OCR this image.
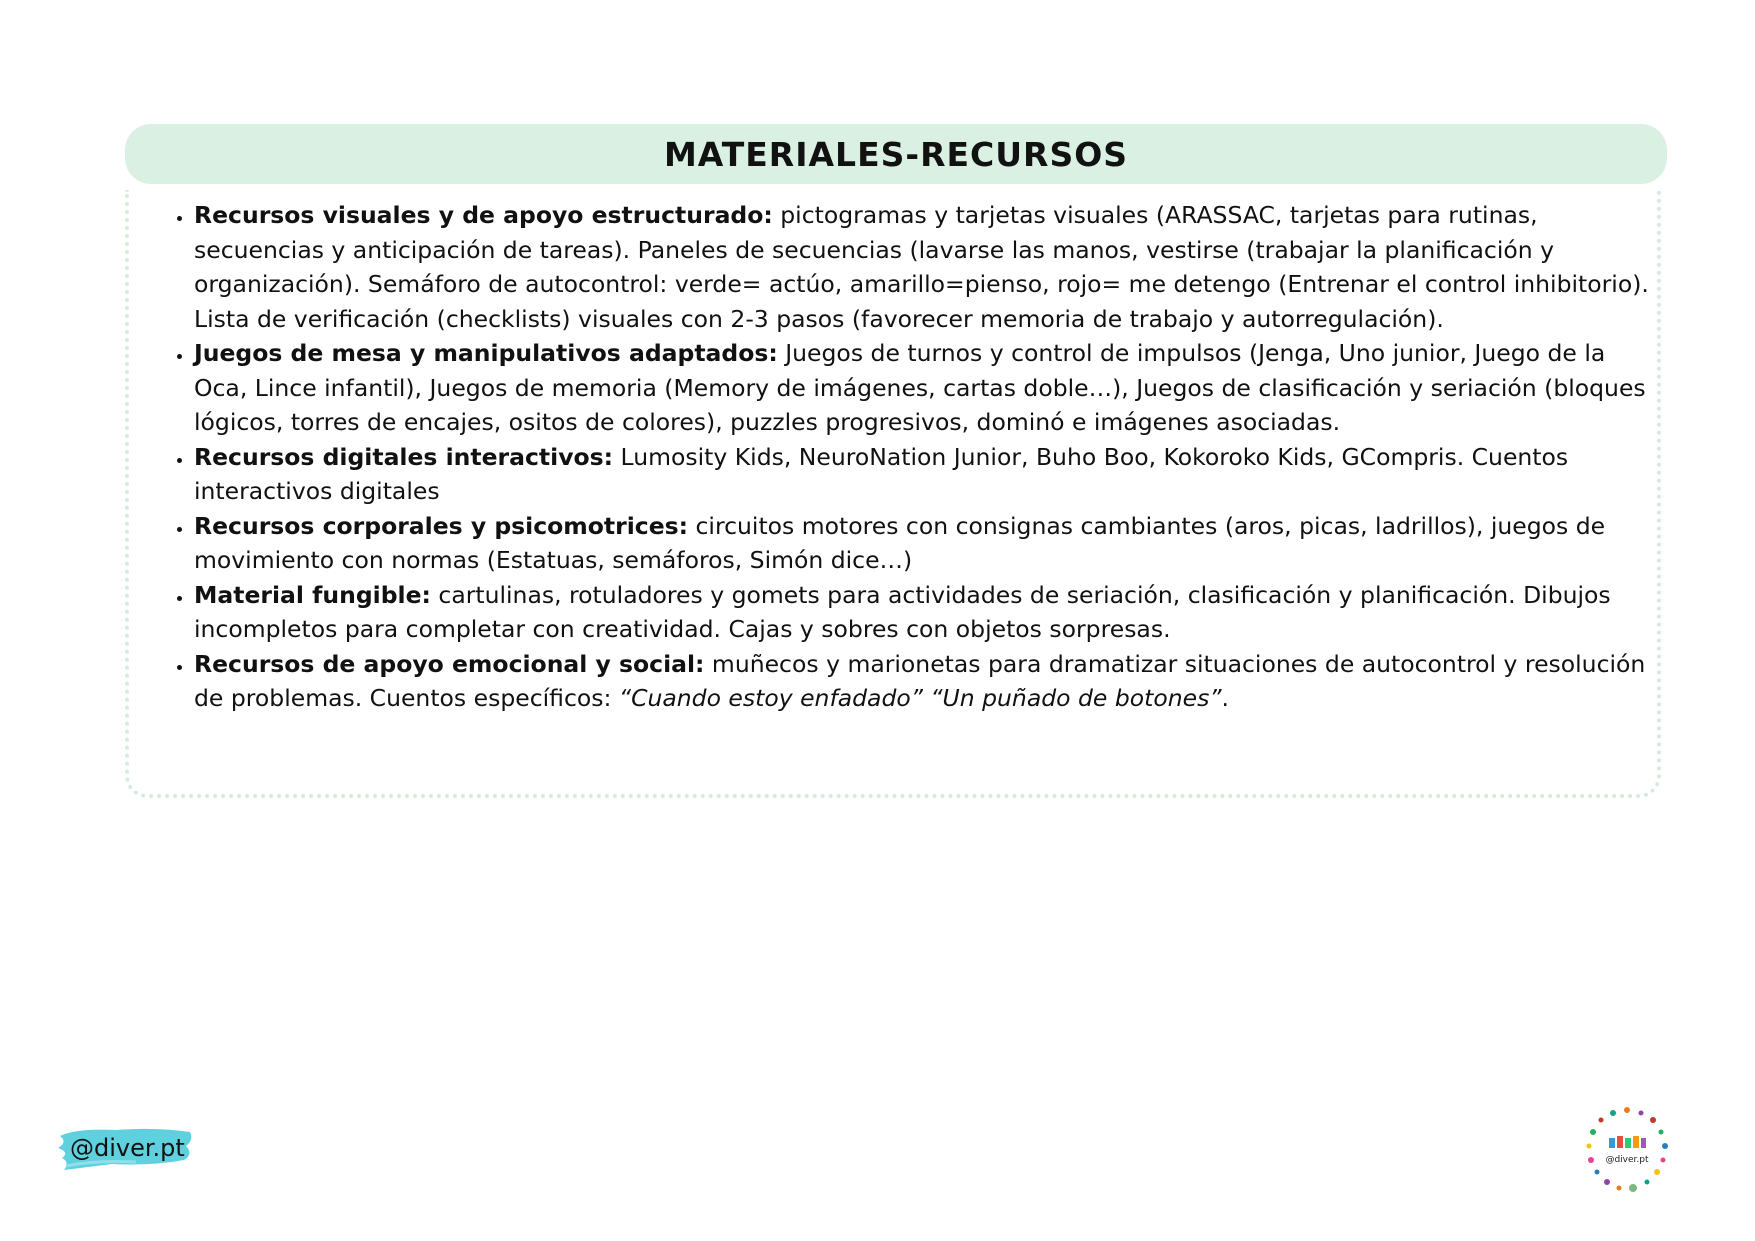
MATERIALES-RECURSOS
• Recursos visuales y de apoyo estructurado: pictogramas y tarjetas visuales (ARASSAC, tarjetas para rutinas, secuencias y anticipación de tareas). Paneles de secuencias (lavarse las manos, vestirse (trabajar la planificación y organización). Semáforo de autocontrol: verde= actúo, amarillo=pienso, rojo= me detengo (Entrenar el control inhibitorio). Lista de verificación (checklists) visuales con 2-3 pasos (favorecer memoria de trabajo y autorregulación).
• Juegos de mesa y manipulativos adaptados: Juegos de turnos y control de impulsos (Jenga, Uno junior, Juego de la Oca, Lince infantil), Juegos de memoria (Memory de imágenes, cartas doble…), Juegos de clasificación y seriación (bloques lógicos, torres de encajes, ositos de colores), puzzles progresivos, dominó e imágenes asociadas.
• Recursos digitales interactivos: Lumosity Kids, NeuroNation Junior, Buho Boo, Kokoroko Kids, GCompris. Cuentos interactivos digitales
• Recursos corporales y psicomotrices: circuitos motores con consignas cambiantes (aros, picas, ladrillos), juegos de movimiento con normas (Estatuas, semáforos, Simón dice…)
• Material fungible: cartulinas, rotuladores y gomets para actividades de seriación, clasificación y planificación. Dibujos incompletos para completar con creatividad. Cajas y sobres con objetos sorpresas.
• Recursos de apoyo emocional y social: muñecos y marionetas para dramatizar situaciones de autocontrol y resolución de problemas. Cuentos específicos: “Cuando estoy enfadado” “Un puñado de botones”.
@diver.pt	@diver.pt
